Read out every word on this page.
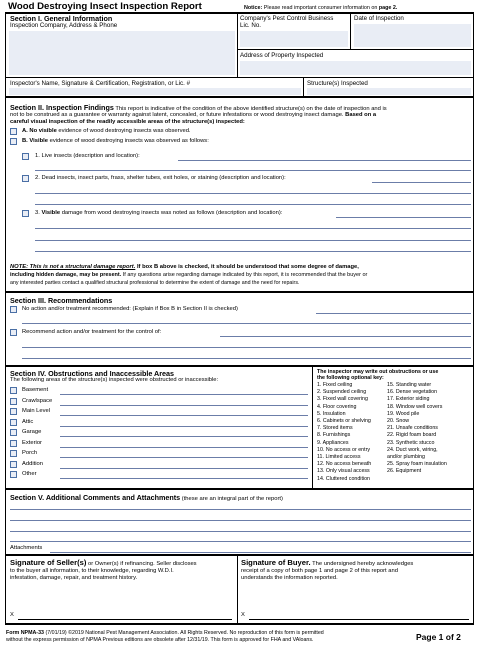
Wood Destroying Insect Inspection Report	Notice: Please read important consumer information on page 2.
Section I. General Information
Inspection Company, Address & Phone
Company's Pest Control Business
Lic. No.
Date of Inspection
Address of Property Inspected
Inspector's Name, Signature & Certification, Registration, or Lic. #	Structure(s) Inspected
Section II. Inspection Findings This report is indicative of the condition of the above identified structure(s) on the date of inspection and is
not to be construed as a guarantee or warranty against latent, concealed, or future infestations or wood destroying insect damage. Based on a
careful visual inspection of the readily accessible areas of the structure(s) inspected:
A. No visible evidence of wood destroying insects was observed.
B. Visible evidence of wood destroying insects was observed as follows:
1. Live insects (description and location):
2. Dead insects, insect parts, frass, shelter tubes, exit holes, or staining (description and location):
3. Visible damage from wood destroying insects was noted as follows (description and location):
NOTE: This is not a structural damage report. If box B above is checked, it should be understood that some degree of damage,
including hidden damage, may be present. If any questions arise regarding damage indicated by this report, it is recommended that the buyer or
any interested parties contact a qualified structural professional to determine the extent of damage and the need for repairs.
Section III. Recommendations
No action and/or treatment recommended: (Explain if Box B in Section II is checked)
Recommend action and/or treatment for the control of:
Section IV. Obstructions and Inaccessible Areas
The following areas of the structure(s) inspected were obstructed or inaccessible:
Basement
Crawlspace
Main Level
Attic
Garage
Exterior
Porch
Addition
Other
The inspector may write out obstructions or use
the following optional key:
1. Fixed ceiling
2. Suspended ceiling
3. Fixed wall covering
4. Floor covering
5. Insulation
6. Cabinets or shelving
7. Stored items
8. Furnishings
9. Appliances
10. No access or entry
11. Limited access
12. No access beneath
13. Only visual access
14. Cluttered condition
15. Standing water
16. Dense vegetation
17. Exterior siding
18. Window well covers
19. Wood pile
20. Snow
21. Unsafe conditions
22. Rigid foam board
23. Synthetic stucco
24. Duct work, wiring,
and/or plumbing
25. Spray foam insulation
26. Equipment
Section V. Additional Comments and Attachments (these are an integral part of the report)
Attachments
Signature of Seller(s) or Owner(s) if refinancing. Seller discloses
to the buyer all information, to their knowledge, regarding W.D.I.
infestation, damage, repair, and treatment history.
X
Signature of Buyer. The undersigned hereby acknowledges
receipt of a copy of both page 1 and page 2 of this report and
understands the information reported.
X
Form NPMA-33 (7/01/19) ©2019 National Pest Management Association. All Rights Reserved. No reproduction of this form is permitted
without the express permission of NPMA Previous editions are obsolete after 12/31/19. This form is approved for FHA and VAloans.	Page 1 of 2
